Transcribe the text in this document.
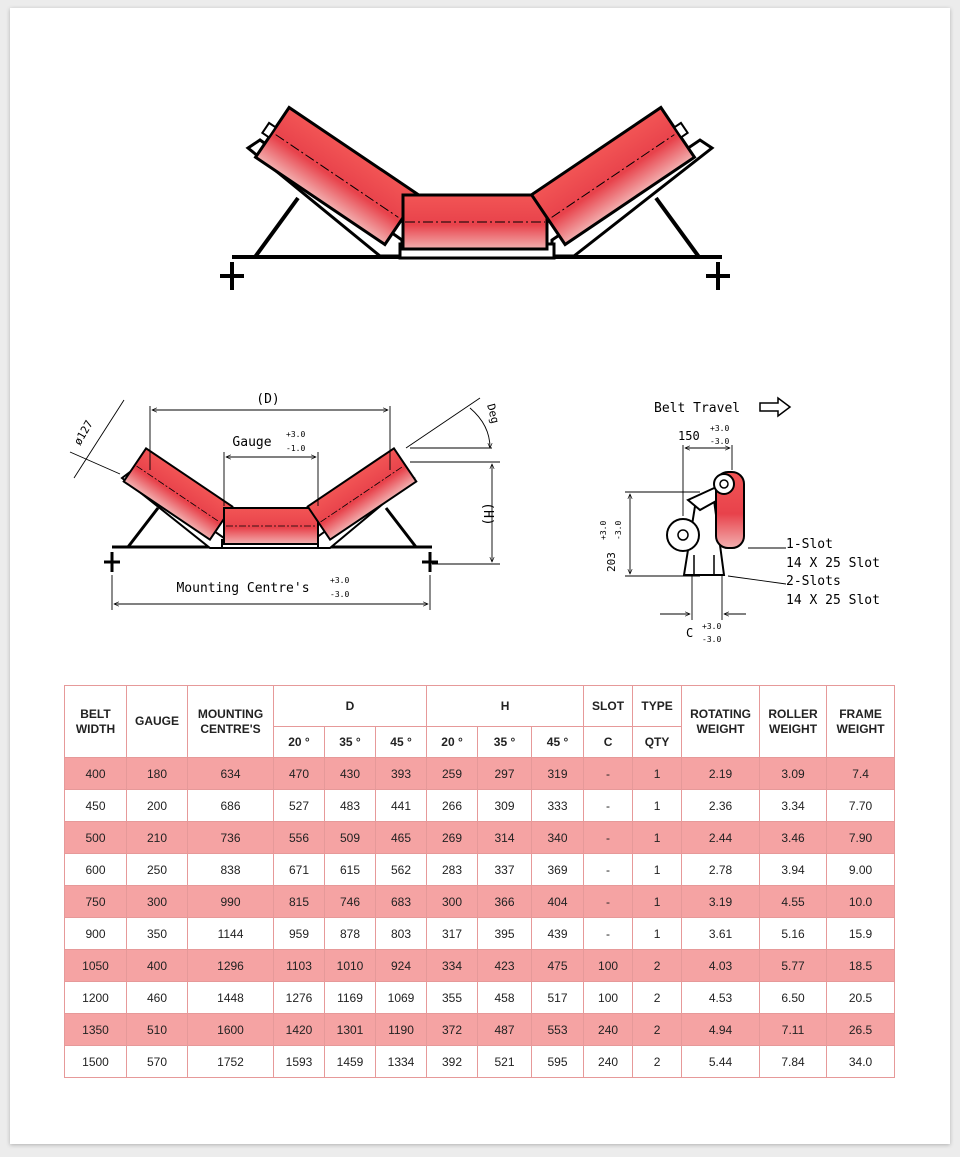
(D)
Gauge
+3.0
-1.0
Mounting Centre's
+3.0
-3.0
(H)
Deg
ø127
Belt Travel
150
+3.0
-3.0
203
+3.0 -3.0
C +3.0
-3.0
1-Slot
14 X 25 Slot
2-Slots
14 X 25 Slot
BELT WIDTH	GAUGE	MOUNTING CENTRE'S	D			H			SLOT	TYPE	ROTATING WEIGHT	ROLLER WEIGHT	FRAME WEIGHT
			20 °	35 °	45 °	20 °	35 °	45 °	C	QTY			
400	180	634	470	430	393	259	297	319	-	1	2.19	3.09	7.4
450	200	686	527	483	441	266	309	333	-	1	2.36	3.34	7.70
500	210	736	556	509	465	269	314	340	-	1	2.44	3.46	7.90
600	250	838	671	615	562	283	337	369	-	1	2.78	3.94	9.00
750	300	990	815	746	683	300	366	404	-	1	3.19	4.55	10.0
900	350	1144	959	878	803	317	395	439	-	1	3.61	5.16	15.9
1050	400	1296	1103	1010	924	334	423	475	100	2	4.03	5.77	18.5
1200	460	1448	1276	1169	1069	355	458	517	100	2	4.53	6.50	20.5
1350	510	1600	1420	1301	1190	372	487	553	240	2	4.94	7.11	26.5
1500	570	1752	1593	1459	1334	392	521	595	240	2	5.44	7.84	34.0
